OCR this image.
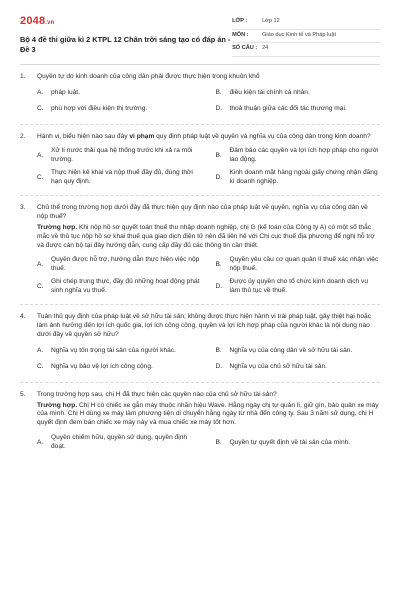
2048.vn
Bộ 4 đề thi giữa kì 2 KTPL 12 Chân trời sáng tạo có đáp án - Đề 3
LỚP :	Lớp 12
MÔN :	Giáo dục Kinh tế và Pháp luật
SỐ CÂU : 24
1.	Quyền tự do kinh doanh của công dân phải được thực hiện trong khuôn khổ
A.	pháp luật.	B.	điều kiện tài chính cá nhân.
C.	phù hợp với điều kiện thị trường.	D.	thoả thuận giữa các đối tác thương mại.
2.	Hành vi, biểu hiện nào sau đây vi phạm quy định pháp luật về quyền và nghĩa vụ của công dân trong kinh doanh?
A.
Xử lí nước thải qua hệ thống trước khi xả ra môi trường.
B.
Đảm bảo các quyền và lợi ích hợp pháp cho người lao động.
C.
Thực hiện kê khai và nộp thuế đầy đủ, đúng thời hạn quy định.
D.
Kinh doanh mặt hàng ngoài giấy chứng nhận đăng kí doanh nghiệp.
3.	Chủ thể trong trường hợp dưới đây đã thực hiện quy định nào của pháp luật về quyền, nghĩa vụ của công dân về nộp thuế?
Trường hợp. Khi nộp hồ sơ quyết toán thuế thu nhập doanh nghiệp, chị G (kế toán của Công ty A) có một số thắc mắc về thủ tục nộp hồ sơ khai thuế qua giao dịch điện tử nên đã liên hệ với Chi cục thuế địa phương để nghị hỗ trợ và được cán bộ tại đây hướng dẫn, cung cấp đầy đủ các thông tin cần thiết.
A.
Quyền được hỗ trợ, hướng dẫn thực hiện việc nộp thuế.
B.
Quyền yêu cầu cơ quan quản lí thuế xác nhận việc nộp thuế.
C.
Ghi chép trung thực, đầy đủ những hoạt động phát sinh nghĩa vụ thuế.
D.
Được ủy quyền cho tổ chức kinh doanh dịch vụ làm thủ tục về thuế.
4.	Tuân thủ quy định của pháp luật về sở hữu tài sản; không được thực hiện hành vi trái pháp luật, gây thiệt hại hoặc làm ảnh hưởng đến lợi ích quốc gia, lợi ích công cộng, quyền và lợi ích hợp pháp của người khác là nội dung nào dưới đây về quyền sở hữu?
A.	Nghĩa vụ tôn trọng tài sản của người khác.	B.	Nghĩa vụ của công dân về sở hữu tài sản.
C.	Nghĩa vụ bảo vệ lợi ích công cộng.	D.	Nghĩa vụ của chủ sở hữu tài sản.
5.	Trong trường hợp sau, chị H đã thực hiện các quyền nào của chủ sở hữu tài sản?
Trường hợp. Chị H có chiếc xe gắn máy thuộc nhãn hiệu Wave. Hằng ngày chị tự quản lí, giữ gìn, bảo quản xe máy của mình. Chị H dùng xe máy làm phương tiện di chuyển hằng ngày từ nhà đến công ty. Sau 3 năm sử dụng, chị H quyết định đem bán chiếc xe máy này và mua chiếc xe máy tốt hơn.
A.
Quyền chiếm hữu, quyền sử dụng, quyền định đoạt.
B.	Quyền tự quyết định về tài sản của mình.
